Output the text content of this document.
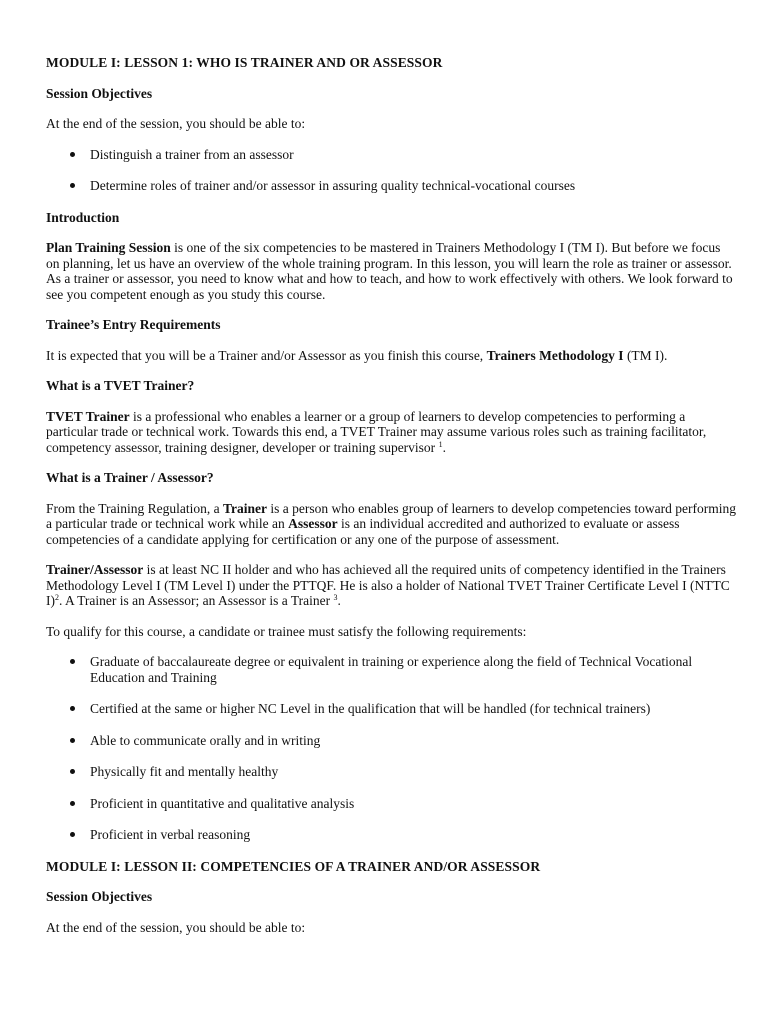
MODULE I: LESSON 1: WHO IS TRAINER AND OR ASSESSOR
Session Objectives

At the end of the session, you should be able to:

Distinguish a trainer from an assessor
Determine roles of trainer and/or assessor in assuring quality technical-vocational courses
Introduction

Plan Training Session is one of the six competencies to be mastered in Trainers Methodology I (TM I). But before we focus on planning, let us have an overview of the whole training program. In this lesson, you will learn the role as trainer or assessor. As a trainer or assessor, you need to know what and how to teach, and how to work effectively with others. We look forward to see you competent enough as you study this course.

Trainee’s Entry Requirements

It is expected that you will be a Trainer and/or Assessor as you finish this course, Trainers Methodology I (TM I).

What is a TVET Trainer?

TVET Trainer is a professional who enables a learner or a group of learners to develop competencies to performing a particular trade or technical work. Towards this end, a TVET Trainer may assume various roles such as training facilitator, competency assessor, training designer, developer or training supervisor $^1$.

What is a Trainer / Assessor?

From the Training Regulation, a Trainer is a person who enables group of learners to develop competencies toward performing a particular trade or technical work while an Assessor is an individual accredited and authorized to evaluate or assess competencies of a candidate applying for certification or any one of the purpose of assessment.

Trainer/Assessor is at least NC II holder and who has achieved all the required units of competency identified in the Trainers Methodology Level I (TM Level I) under the PTTQF. He is also a holder of National TVET Trainer Certificate Level I (NTTC I)$^2$. A Trainer is an Assessor; an Assessor is a Trainer $^3$.

To qualify for this course, a candidate or trainee must satisfy the following requirements:

Graduate of baccalaureate degree or equivalent in training or experience along the field of Technical Vocational Education and Training
Certified at the same or higher NC Level in the qualification that will be handled (for technical trainers)
Able to communicate orally and in writing
Physically fit and mentally healthy
Proficient in quantitative and qualitative analysis
Proficient in verbal reasoning
MODULE I: LESSON II: COMPETENCIES OF A TRAINER AND/OR ASSESSOR
Session Objectives

At the end of the session, you should be able to:
